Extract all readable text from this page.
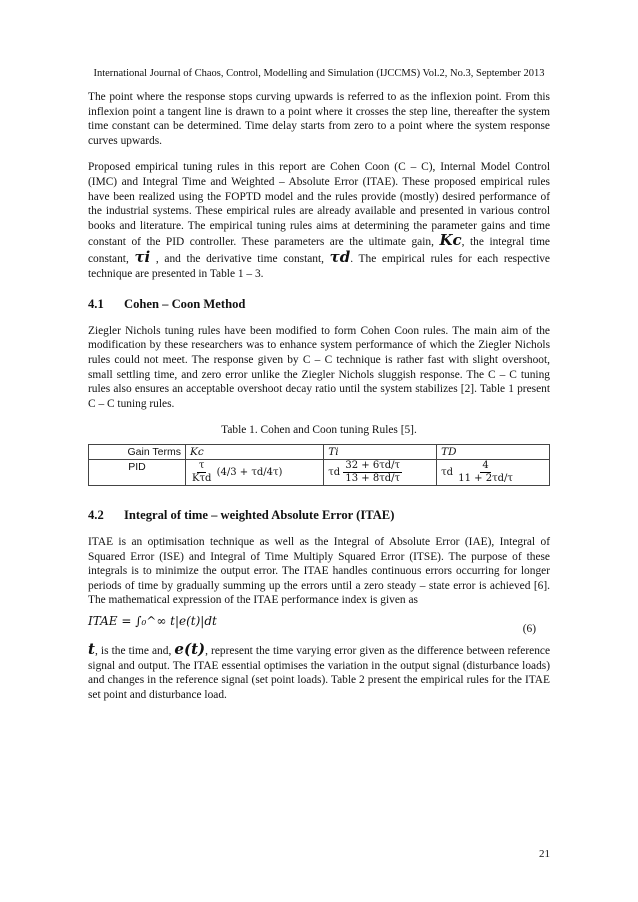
International Journal of Chaos, Control, Modelling and Simulation (IJCCMS) Vol.2, No.3, September 2013

The point where the response stops curving upwards is referred to as the inflexion point. From this inflexion point a tangent line is drawn to a point where it crosses the step line, thereafter the system time constant can be determined. Time delay starts from zero to a point where the system response curves upwards.

Proposed empirical tuning rules in this report are Cohen Coon (C – C), Internal Model Control (IMC) and Integral Time and Weighted – Absolute Error (ITAE). These proposed empirical rules have been realized using the FOPTD model and the rules provide (mostly) desired performance of the industrial systems. These empirical rules are already available and presented in various control books and literature. The empirical tuning rules aims at determining the parameter gains and time constant of the PID controller. These parameters are the ultimate gain, Kc, the integral time constant, τi , and the derivative time constant, τd. The empirical rules for each respective technique are presented in Table 1 – 3.

4.1 Cohen – Coon Method

Ziegler Nichols tuning rules have been modified to form Cohen Coon rules. The main aim of the modification by these researchers was to enhance system performance of which the Ziegler Nichols rules could not meet. The response given by C – C technique is rather fast with slight overshoot, small settling time, and zero error unlike the Ziegler Nichols sluggish response. The C – C tuning rules also ensures an acceptable overshoot decay ratio until the system stabilizes [2]. Table 1 present C – C tuning rules.

Table 1. Cohen and Coon tuning Rules [5].
Gain Terms	Kc	Ti	TD
PID	$\frac{\tau}{\text{Kτd}} (4/3 + \tau d/4\tau)$	τd $\frac{32 + 6\tau d/\tau}{13 + 8\tau d/\tau}$	τd $\frac{4}{11 + 2\tau d/\tau}$
4.2 Integral of time – weighted Absolute Error (ITAE)

ITAE is an optimisation technique as well as the Integral of Absolute Error (IAE), Integral of Squared Error (ISE) and Integral of Time Multiply Squared Error (ITSE). The purpose of these integrals is to minimize the output error. The ITAE handles continuous errors occurring for longer periods of time by gradually summing up the errors until a zero steady – state error is achieved [6]. The mathematical expression of the ITAE performance index is given as

ITAE = ∫₀^∞ t|e(t)|dt
(6)

t, is the time and, e(t), represent the time varying error given as the difference between reference signal and output. The ITAE essential optimises the variation in the output signal (disturbance loads) and changes in the reference signal (set point loads). Table 2 present the empirical rules for the ITAE set point and disturbance load.

21
